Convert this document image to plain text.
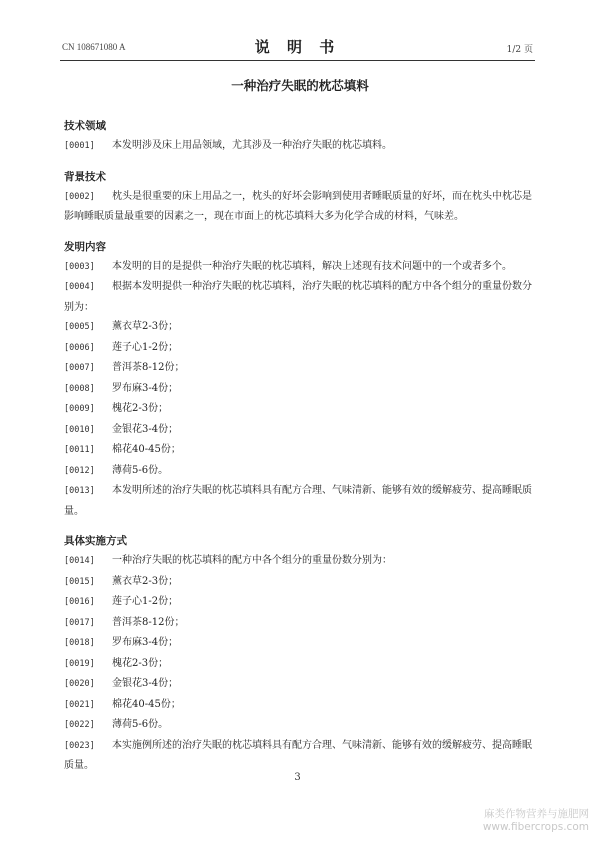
CN 108671080 A	说 明 书	1/2 页
一种治疗失眠的枕芯填料
技术领域

[0001] 本发明涉及床上用品领域，尤其涉及一种治疗失眠的枕芯填料。

背景技术

[0002] 枕头是很重要的床上用品之一，枕头的好坏会影响到使用者睡眠质量的好坏，而在枕头中枕芯是影响睡眠质量最重要的因素之一，现在市面上的枕芯填料大多为化学合成的材料，气味差。

发明内容

[0003] 本发明的目的是提供一种治疗失眠的枕芯填料，解决上述现有技术问题中的一个或者多个。

[0004] 根据本发明提供一种治疗失眠的枕芯填料，治疗失眠的枕芯填料的配方中各个组分的重量份数分别为：

[0005] 薰衣草2-3份；

[0006] 莲子心1-2份；

[0007] 普洱茶8-12份；

[0008] 罗布麻3-4份；

[0009] 槐花2-3份；

[0010] 金银花3-4份；

[0011] 棉花40-45份；

[0012] 薄荷5-6份。

[0013] 本发明所述的治疗失眠的枕芯填料具有配方合理、气味清新、能够有效的缓解疲劳、提高睡眠质量。

具体实施方式

[0014] 一种治疗失眠的枕芯填料的配方中各个组分的重量份数分别为：

[0015] 薰衣草2-3份；

[0016] 莲子心1-2份；

[0017] 普洱茶8-12份；

[0018] 罗布麻3-4份；

[0019] 槐花2-3份；

[0020] 金银花3-4份；

[0021] 棉花40-45份；

[0022] 薄荷5-6份。

[0023] 本实施例所述的治疗失眠的枕芯填料具有配方合理、气味清新、能够有效的缓解疲劳、提高睡眠质量。

3
麻类作物营养与施肥网
www.fibercrops.com
